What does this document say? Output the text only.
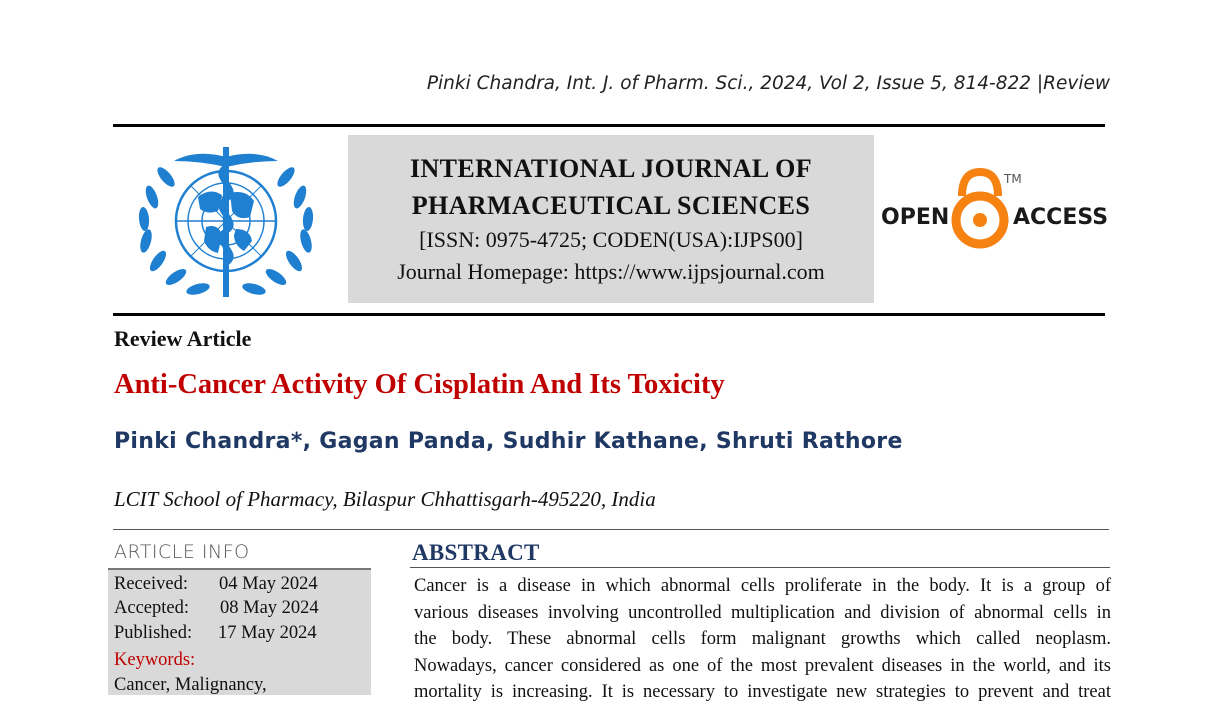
Pinki Chandra, Int. J. of Pharm. Sci., 2024, Vol 2, Issue 5, 814-822 |Review
INTERNATIONAL JOURNAL OF
PHARMACEUTICAL SCIENCES
[ISSN: 0975-4725; CODEN(USA):IJPS00]
Journal Homepage: https://www.ijpsjournal.com
OPEN	ACCESS
TM
Review Article
Anti-Cancer Activity Of Cisplatin And Its Toxicity
Pinki Chandra*, Gagan Panda, Sudhir Kathane, Shruti Rathore
LCIT School of Pharmacy, Bilaspur Chhattisgarh-495220, India
ARTICLE INFO
Received: 04 May 2024
Accepted: 08 May 2024
Published: 17 May 2024
Keywords:
Cancer, Malignancy,
ABSTRACT
Cancer is a disease in which abnormal cells proliferate in the body. It is a group of
various diseases involving uncontrolled multiplication and division of abnormal cells in
the body. These abnormal cells form malignant growths which called neoplasm.
Nowadays, cancer considered as one of the most prevalent diseases in the world, and its
mortality is increasing. It is necessary to investigate new strategies to prevent and treat
